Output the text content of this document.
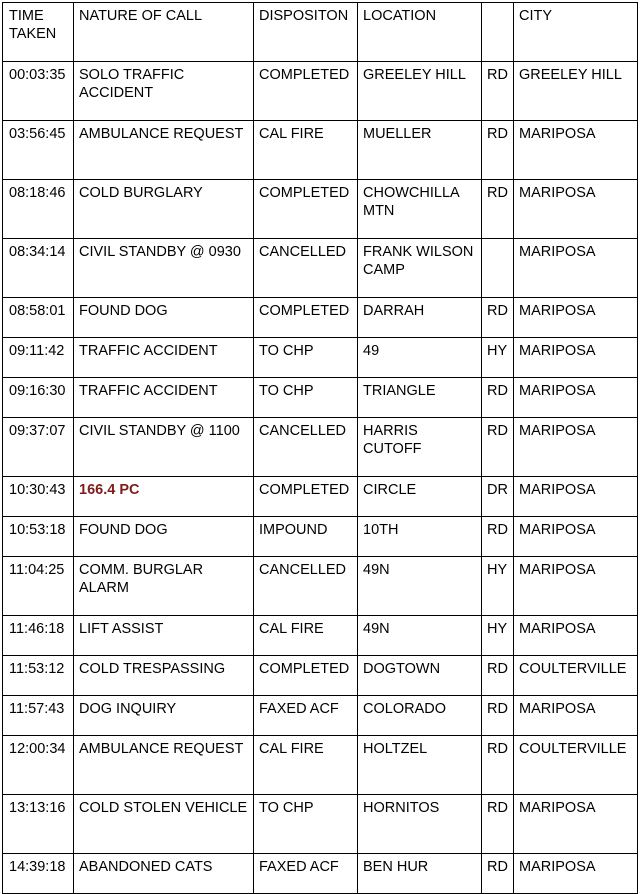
TIME TAKEN	NATURE OF CALL	DISPOSITON	LOCATION		CITY
00:03:35	SOLO TRAFFIC ACCIDENT	COMPLETED	GREELEY HILL	RD	GREELEY HILL
03:56:45	AMBULANCE REQUEST	CAL FIRE	MUELLER	RD	MARIPOSA
08:18:46	COLD BURGLARY	COMPLETED	CHOWCHILLA MTN	RD	MARIPOSA
08:34:14	CIVIL STANDBY @ 0930	CANCELLED	FRANK WILSON CAMP		MARIPOSA
08:58:01	FOUND DOG	COMPLETED	DARRAH	RD	MARIPOSA
09:11:42	TRAFFIC ACCIDENT	TO CHP	49	HY	MARIPOSA
09:16:30	TRAFFIC ACCIDENT	TO CHP	TRIANGLE	RD	MARIPOSA
09:37:07	CIVIL STANDBY @ 1100	CANCELLED	HARRIS CUTOFF	RD	MARIPOSA
10:30:43	166.4 PC	COMPLETED	CIRCLE	DR	MARIPOSA
10:53:18	FOUND DOG	IMPOUND	10TH	RD	MARIPOSA
11:04:25	COMM. BURGLAR ALARM	CANCELLED	49N	HY	MARIPOSA
11:46:18	LIFT ASSIST	CAL FIRE	49N	HY	MARIPOSA
11:53:12	COLD TRESPASSING	COMPLETED	DOGTOWN	RD	COULTERVILLE
11:57:43	DOG INQUIRY	FAXED ACF	COLORADO	RD	MARIPOSA
12:00:34	AMBULANCE REQUEST	CAL FIRE	HOLTZEL	RD	COULTERVILLE
13:13:16	COLD STOLEN VEHICLE	TO CHP	HORNITOS	RD	MARIPOSA
14:39:18	ABANDONED CATS	FAXED ACF	BEN HUR	RD	MARIPOSA
